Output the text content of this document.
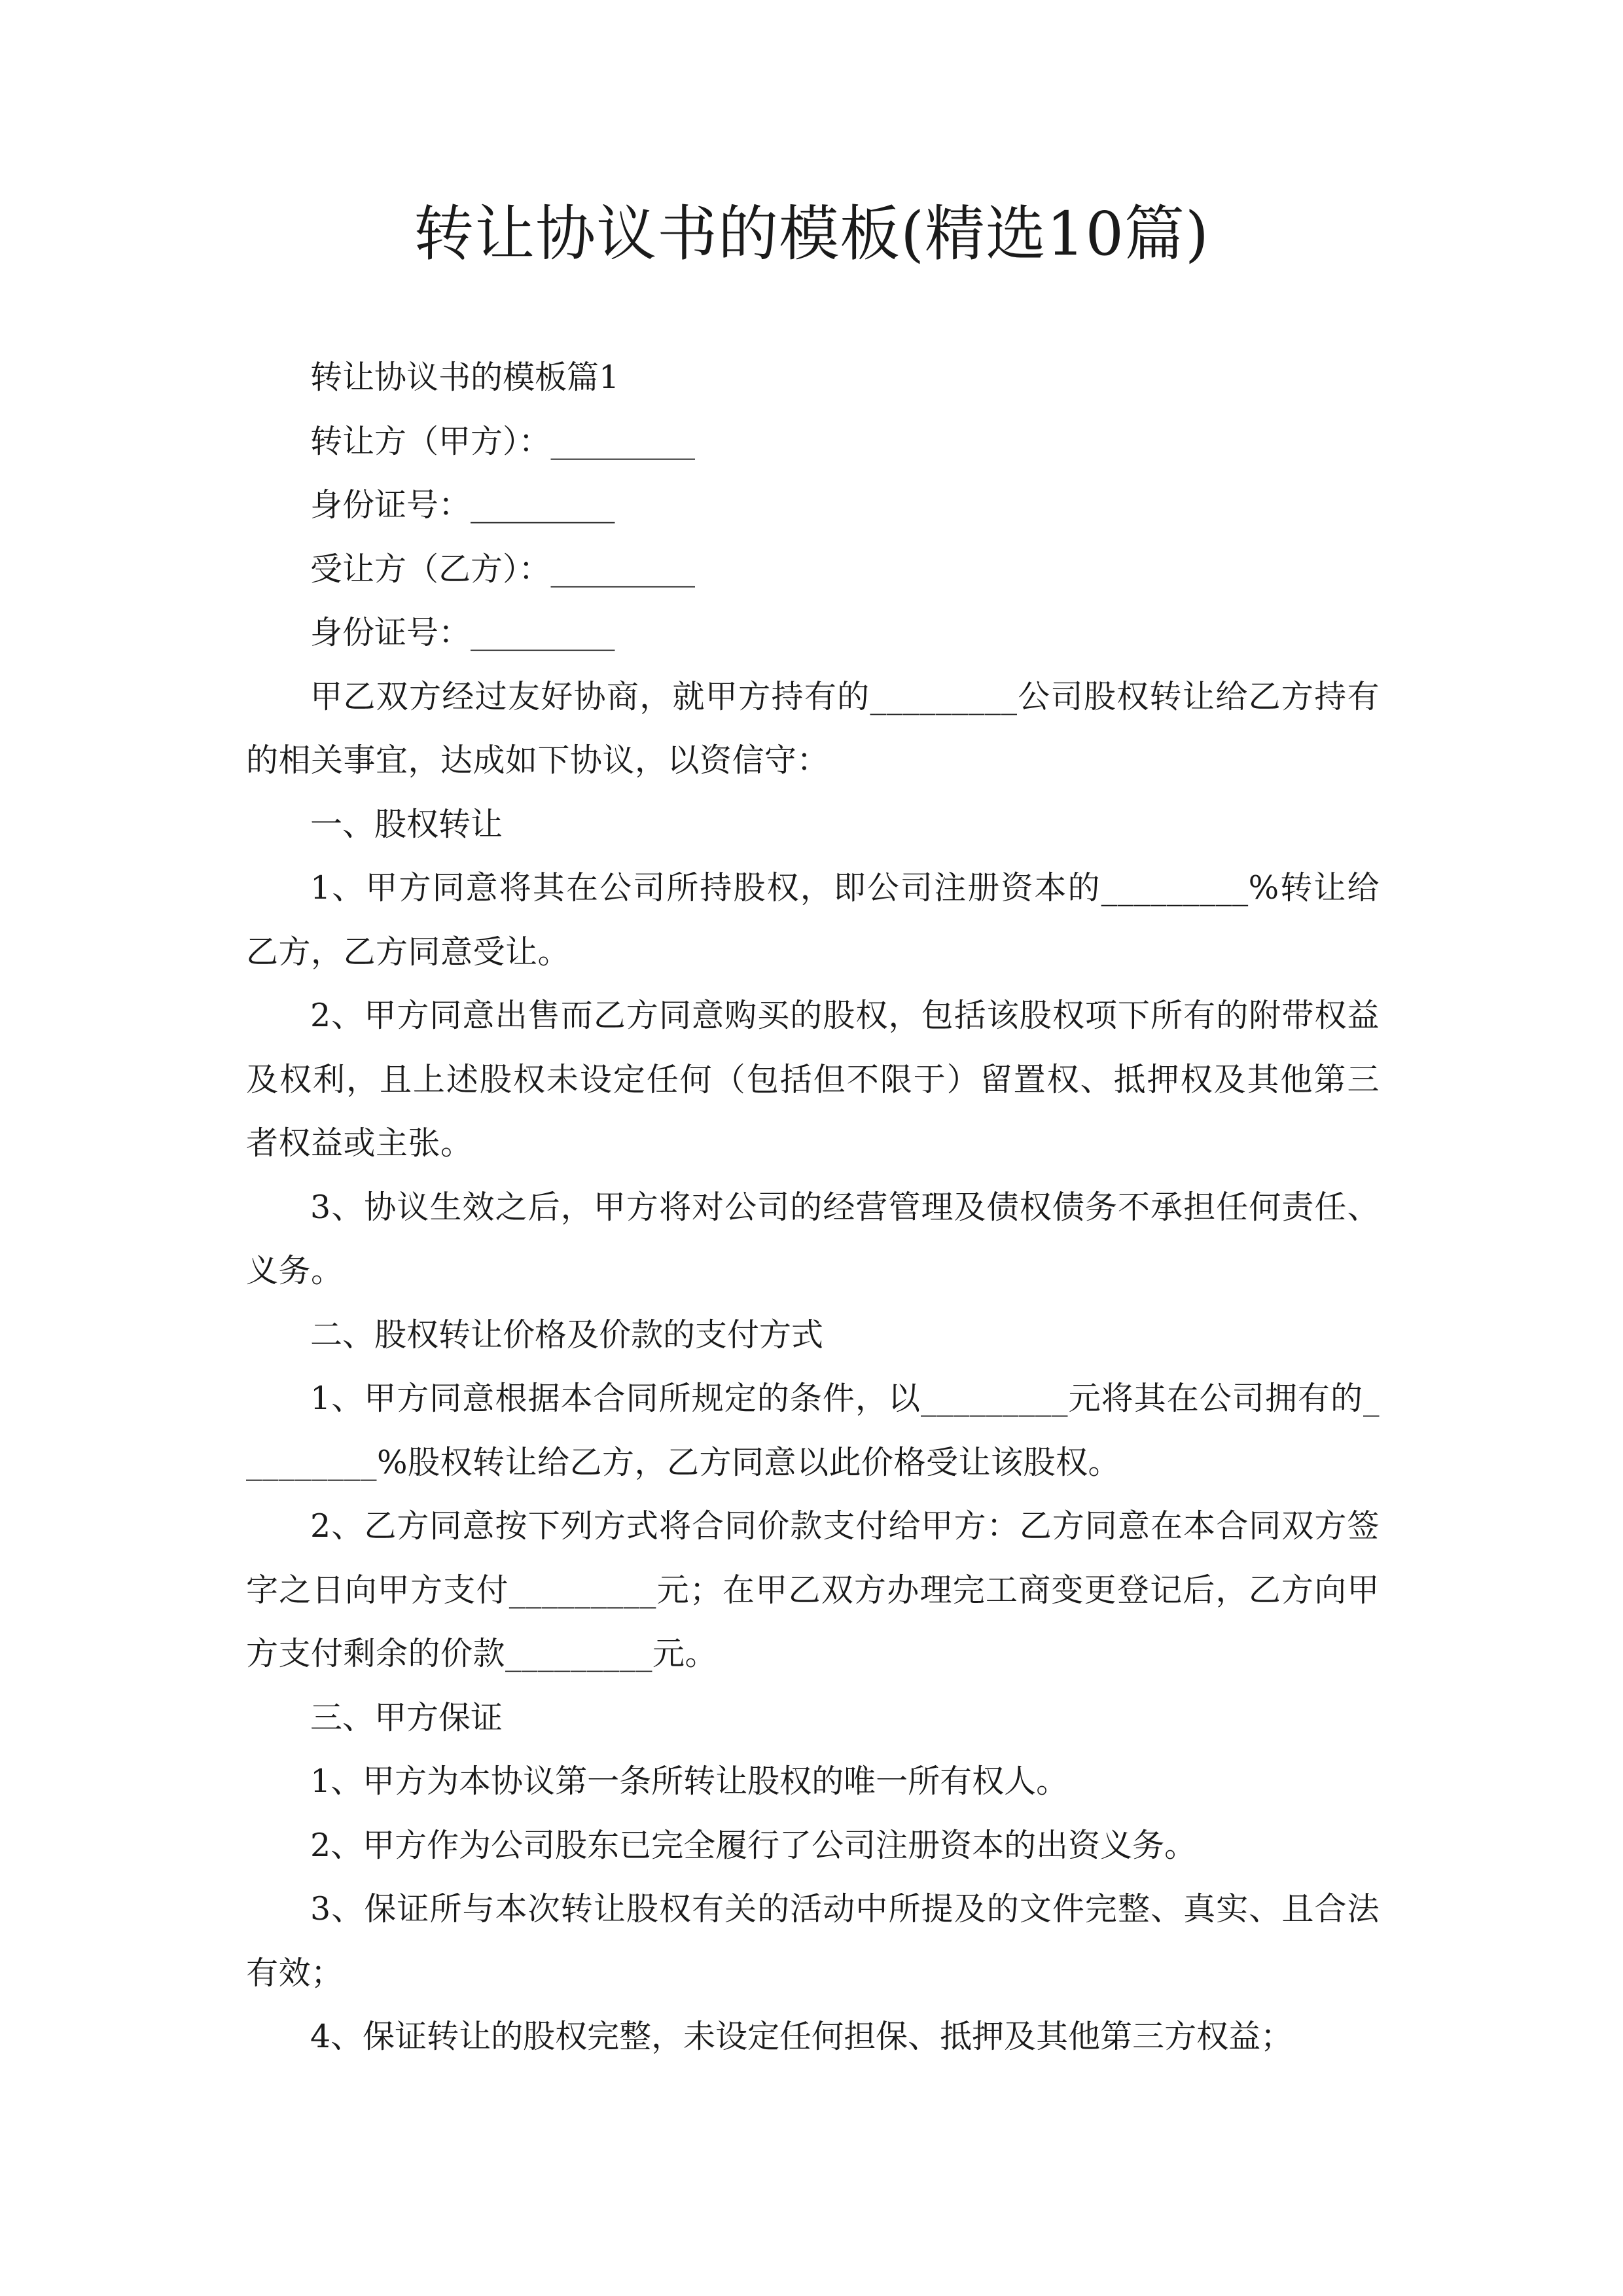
转让协议书的模板(精选10篇)

转让协议书的模板篇1

转让方（甲方）：_________

身份证号：_________

受让方（乙方）：_________

身份证号：_________

甲乙双方经过友好协商，就甲方持有的_________公司股权转让给乙方持有的相关事宜，达成如下协议，以资信守：

一、股权转让

1、甲方同意将其在公司所持股权，即公司注册资本的_________%转让给乙方，乙方同意受让。

2、甲方同意出售而乙方同意购买的股权，包括该股权项下所有的附带权益及权利，且上述股权未设定任何（包括但不限于）留置权、抵押权及其他第三者权益或主张。

3、协议生效之后，甲方将对公司的经营管理及债权债务不承担任何责任、义务。

二、股权转让价格及价款的支付方式

1、甲方同意根据本合同所规定的条件，以_________元将其在公司拥有的_________%股权转让给乙方，乙方同意以此价格受让该股权。

2、乙方同意按下列方式将合同价款支付给甲方：乙方同意在本合同双方签字之日向甲方支付_________元；在甲乙双方办理完工商变更登记后，乙方向甲方支付剩余的价款_________元。

三、甲方保证

1、甲方为本协议第一条所转让股权的唯一所有权人。

2、甲方作为公司股东已完全履行了公司注册资本的出资义务。

3、保证所与本次转让股权有关的活动中所提及的文件完整、真实、且合法有效；

4、保证转让的股权完整，未设定任何担保、抵押及其他第三方权益；
